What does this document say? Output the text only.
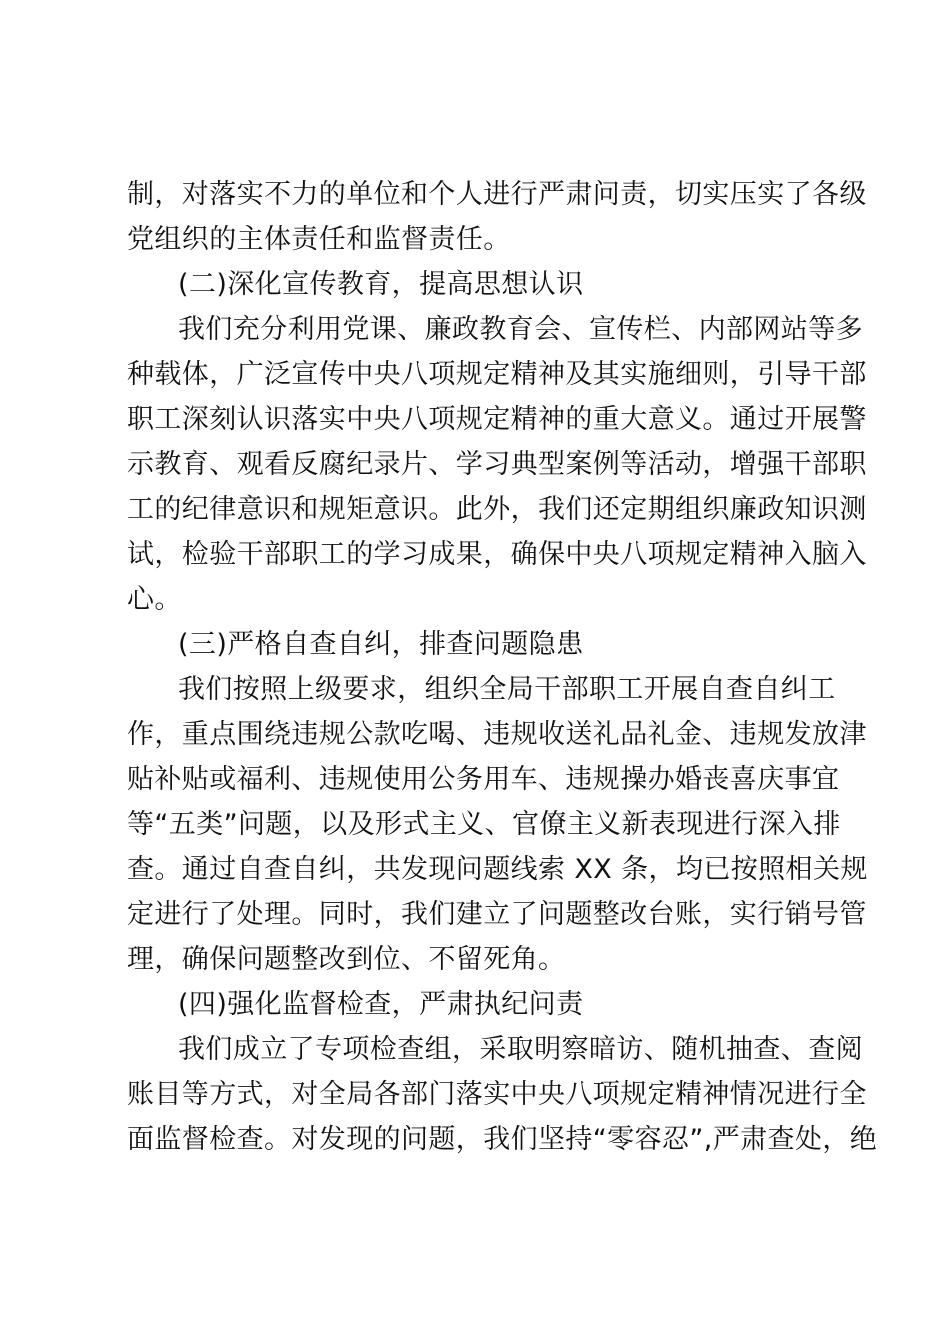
制，对落实不力的单位和个人进行严肃问责，切实压实了各级
党组织的主体责任和监督责任。
(二)深化宣传教育，提高思想认识
我们充分利用党课、廉政教育会、宣传栏、内部网站等多
种载体，广泛宣传中央八项规定精神及其实施细则，引导干部
职工深刻认识落实中央八项规定精神的重大意义。通过开展警
示教育、观看反腐纪录片、学习典型案例等活动，增强干部职
工的纪律意识和规矩意识。此外，我们还定期组织廉政知识测
试，检验干部职工的学习成果，确保中央八项规定精神入脑入
心。
(三)严格自查自纠，排查问题隐患
我们按照上级要求，组织全局干部职工开展自查自纠工
作，重点围绕违规公款吃喝、违规收送礼品礼金、违规发放津
贴补贴或福利、违规使用公务用车、违规操办婚丧喜庆事宜
等“五类”问题，以及形式主义、官僚主义新表现进行深入排
查。通过自查自纠，共发现问题线索 XX 条，均已按照相关规
定进行了处理。同时，我们建立了问题整改台账，实行销号管
理，确保问题整改到位、不留死角。
(四)强化监督检查，严肃执纪问责
我们成立了专项检查组，采取明察暗访、随机抽查、查阅
账目等方式，对全局各部门落实中央八项规定精神情况进行全
面监督检查。对发现的问题，我们坚持“零容忍”,严肃查处，绝
